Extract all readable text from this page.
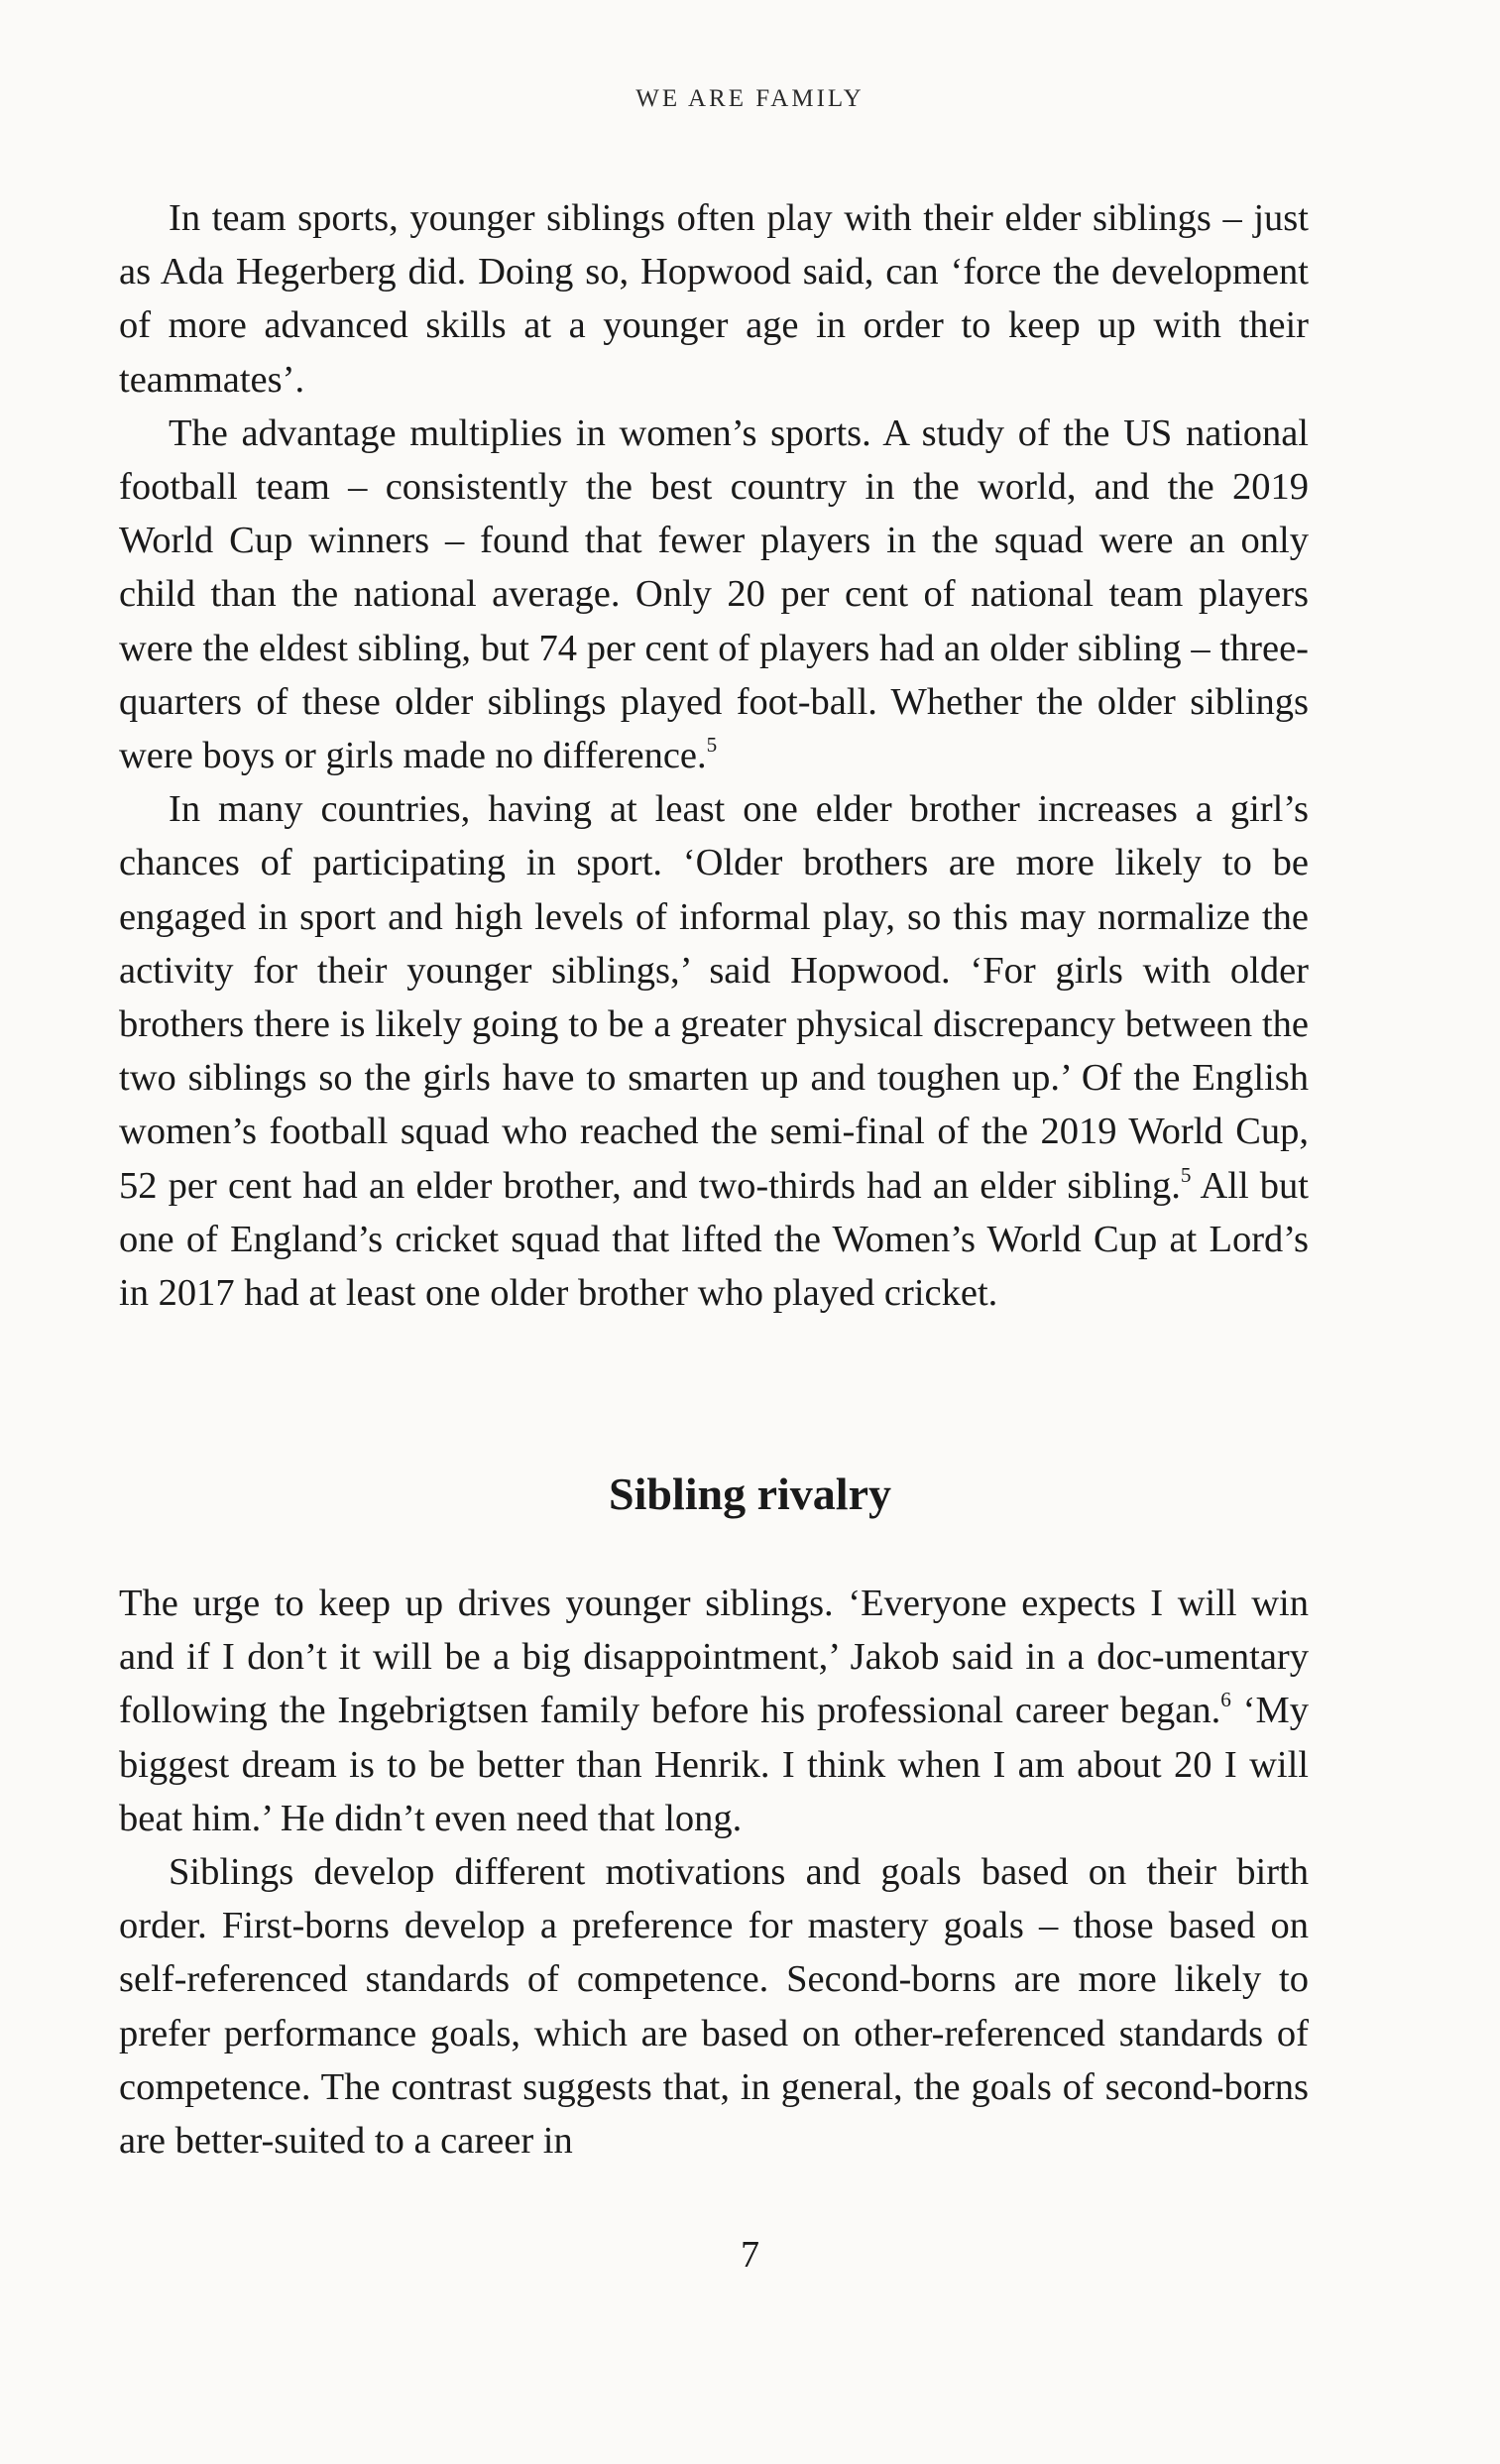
WE ARE FAMILY

In team sports, younger siblings often play with their elder siblings – just as Ada Hegerberg did. Doing so, Hopwood said, can ‘force the development of more advanced skills at a younger age in order to keep up with their teammates’.

The advantage multiplies in women’s sports. A study of the US national football team – consistently the best country in the world, and the 2019 World Cup winners – found that fewer players in the squad were an only child than the national average. Only 20 per cent of national team players were the eldest sibling, but 74 per cent of players had an older sibling – three-quarters of these older siblings played foot-ball. Whether the older siblings were boys or girls made no difference.$^5$

In many countries, having at least one elder brother increases a girl’s chances of participating in sport. ‘Older brothers are more likely to be engaged in sport and high levels of informal play, so this may normalize the activity for their younger siblings,’ said Hopwood. ‘For girls with older brothers there is likely going to be a greater physical discrepancy between the two siblings so the girls have to smarten up and toughen up.’ Of the English women’s football squad who reached the semi-final of the 2019 World Cup, 52 per cent had an elder brother, and two-thirds had an elder sibling.$^5$ All but one of England’s cricket squad that lifted the Women’s World Cup at Lord’s in 2017 had at least one older brother who played cricket.

Sibling rivalry

The urge to keep up drives younger siblings. ‘Everyone expects I will win and if I don’t it will be a big disappointment,’ Jakob said in a doc-umentary following the Ingebrigtsen family before his professional career began.$^6$ ‘My biggest dream is to be better than Henrik. I think when I am about 20 I will beat him.’ He didn’t even need that long.

Siblings develop different motivations and goals based on their birth order. First-borns develop a preference for mastery goals – those based on self-referenced standards of competence. Second-borns are more likely to prefer performance goals, which are based on other-referenced standards of competence. The contrast suggests that, in general, the goals of second-borns are better-suited to a career in

7
